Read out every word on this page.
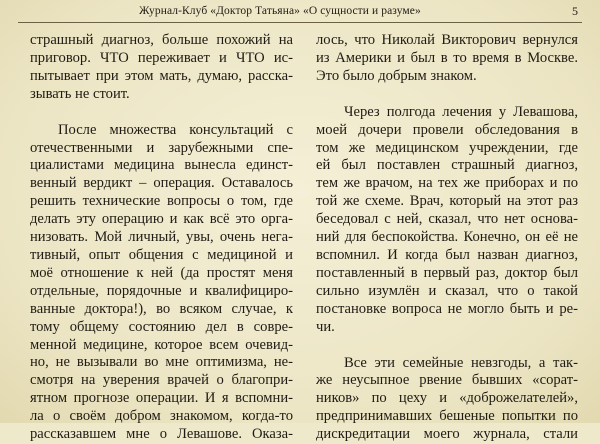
Журнал-Клуб «Доктор Татьяна» «О сущности и разуме»	5

страшный диагноз, больше похожий на
приговор. ЧТО переживает и ЧТО ис-
пытывает при этом мать, думаю, расска-
зывать не стоит.

После множества консультаций с
отечественными и зарубежными спе-
циалистами медицина вынесла единст-
венный вердикт – операция. Оставалось
решить технические вопросы о том, где
делать эту операцию и как всё это орга-
низовать. Мой личный, увы, очень нега-
тивный, опыт общения с медициной и
моё отношение к ней (да простят меня
отдельные, порядочные и квалифициро-
ванные доктора!), во всяком случае, к
тому общему состоянию дел в совре-
менной медицине, которое всем очевид-
но, не вызывали во мне оптимизма, не-
смотря на уверения врачей о благопри-
ятном прогнозе операции. И я вспомни-
ла о своём добром знакомом, когда-то
рассказавшем мне о Левашове. Оказа-

лось, что Николай Викторович вернулся
из Америки и был в то время в Москве.
Это было добрым знаком.

Через полгода лечения у Левашова,
моей дочери провели обследования в
том же медицинском учреждении, где
ей был поставлен страшный диагноз,
тем же врачом, на тех же приборах и по
той же схеме. Врач, который на этот раз
беседовал с ней, сказал, что нет основа-
ний для беспокойства. Конечно, он её не
вспомнил. И когда был назван диагноз,
поставленный в первый раз, доктор был
сильно изумлён и сказал, что о такой
постановке вопроса не могло быть и ре-
чи.

Все эти семейные невзгоды, а так-
же неусыпное рвение бывших «сорат-
ников» по цеху и «доброжелателей»,
предпринимавших бешеные попытки по
дискредитации моего журнала, стали
